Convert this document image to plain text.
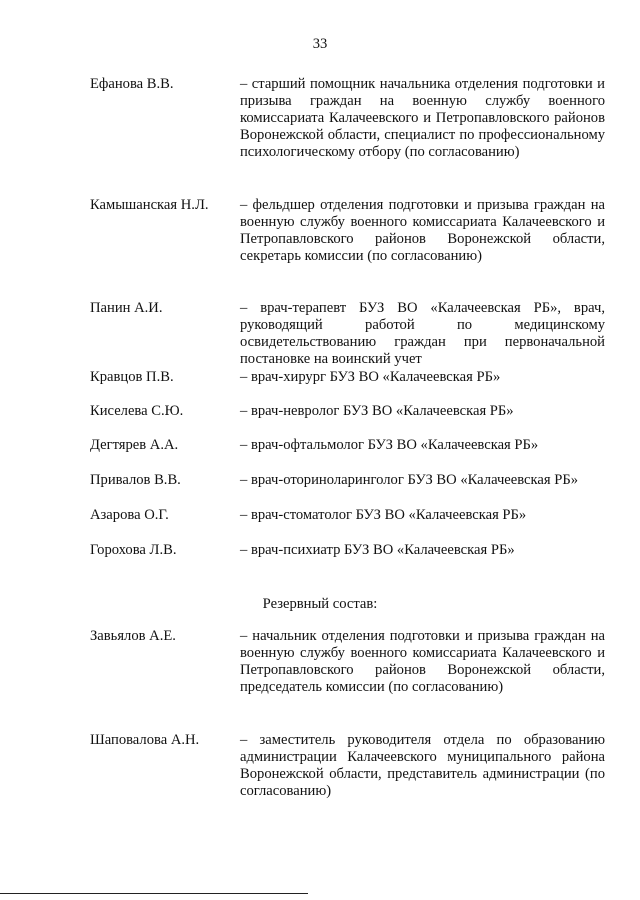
33
Ефанова В.В.	– старший помощник начальника отделения подготовки и призыва граждан на военную службу военного комиссариата Калачеевского и Петропавловского районов Воронежской области, специалист по профессиональному психологическому отбору (по согласованию)
Камышанская Н.Л. – фельдшер отделения подготовки и призыва граждан на военную службу военного комиссариата Калачеевского и Петропавловского районов Воронежской области, секретарь комиссии (по согласованию)
Панин А.И.	– врач-терапевт БУЗ ВО «Калачеевская РБ», врач, руководящий работой по медицинскому освидетельствованию граждан при первоначальной постановке на воинский учет
Кравцов П.В.	– врач-хирург БУЗ ВО «Калачеевская РБ»
Киселева С.Ю.	– врач-невролог БУЗ ВО «Калачеевская РБ»
Дегтярев А.А.	– врач-офтальмолог БУЗ ВО «Калачеевская РБ»
Привалов В.В.	– врач-оториноларинголог БУЗ ВО «Калачеевская РБ»
Азарова О.Г.	– врач-стоматолог БУЗ ВО «Калачеевская РБ»
Горохова Л.В.	– врач-психиатр БУЗ ВО «Калачеевская РБ»
Резервный состав:
Завьялов А.Е.	– начальник отделения подготовки и призыва граждан на военную службу военного комиссариата Калачеевского и Петропавловского районов Воронежской области, председатель комиссии (по согласованию)
Шаповалова А.Н.	– заместитель руководителя отдела по образованию администрации Калачеевского муниципального района Воронежской области, представитель администрации (по согласованию)
